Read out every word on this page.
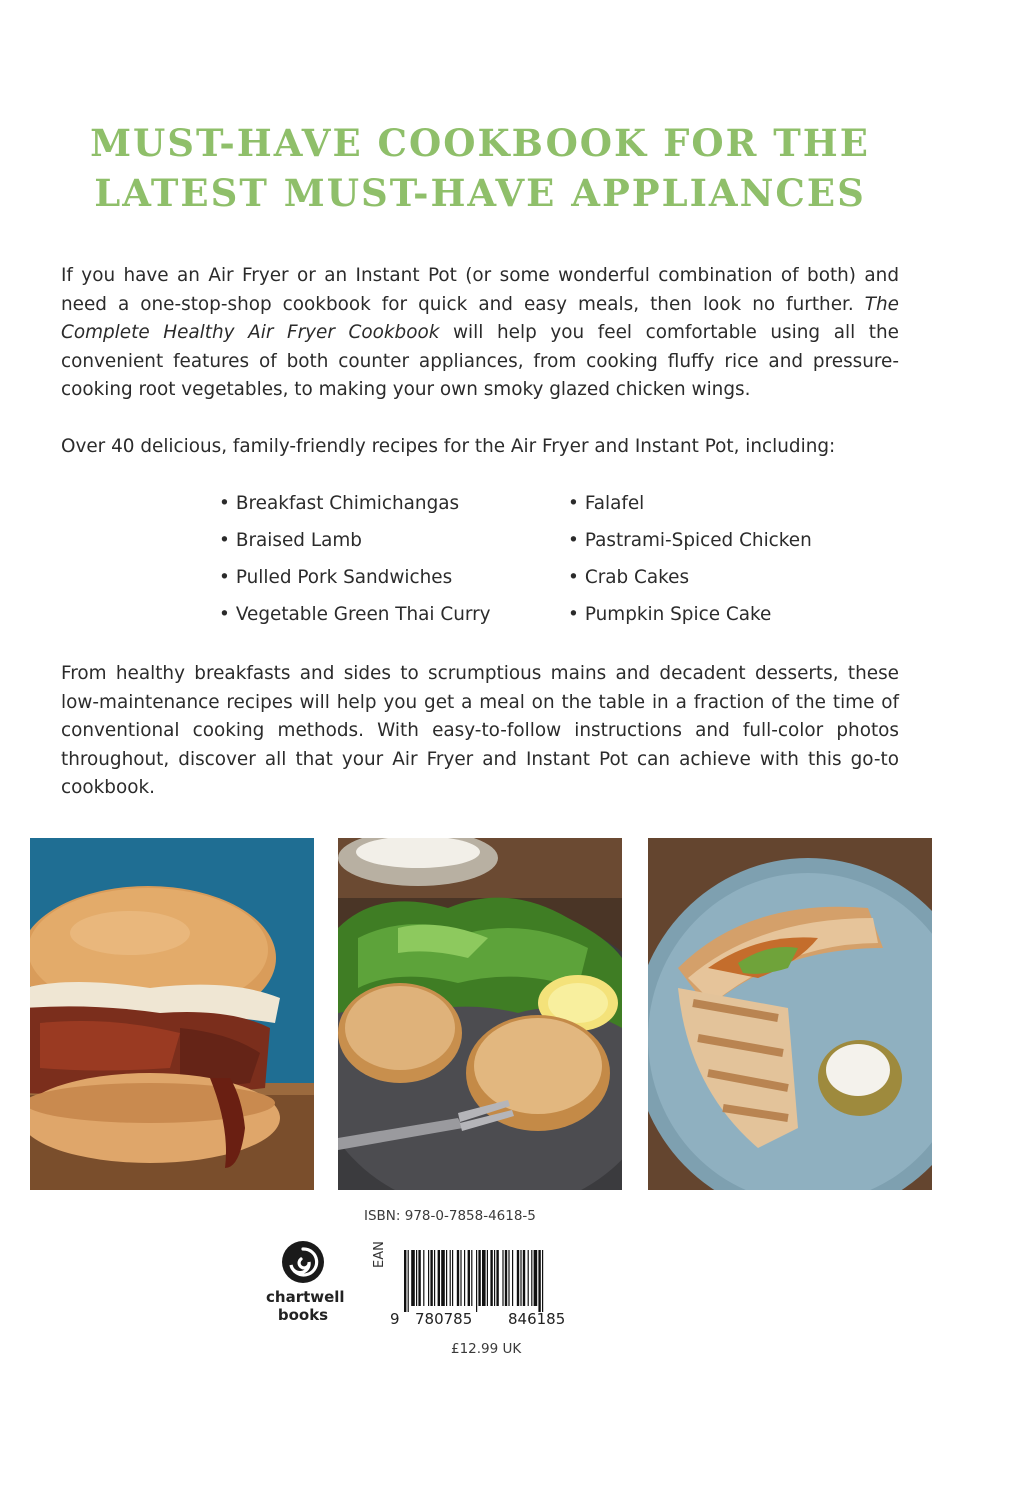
MUST-HAVE COOKBOOK FOR THE
LATEST MUST-HAVE APPLIANCES
If you have an Air Fryer or an Instant Pot (or some wonderful combination of both) and need a one-stop-shop cookbook for quick and easy meals, then look no further. The Complete Healthy Air Fryer Cookbook will help you feel comfortable using all the convenient features of both counter appliances, from cooking fluffy rice and pressure-cooking root vegetables, to making your own smoky glazed chicken wings.
Over 40 delicious, family-friendly recipes for the Air Fryer and Instant Pot, including:
• Breakfast Chimichangas
• Braised Lamb
• Pulled Pork Sandwiches
• Vegetable Green Thai Curry
• Falafel
• Pastrami-Spiced Chicken
• Crab Cakes
• Pumpkin Spice Cake
From healthy breakfasts and sides to scrumptious mains and decadent desserts, these low-maintenance recipes will help you get a meal on the table in a fraction of the time of conventional cooking methods. With easy-to-follow instructions and full-color photos throughout, discover all that your Air Fryer and Instant Pot can achieve with this go-to cookbook.
ISBN: 978-0-7858-4618-5
chartwell
books
EAN
9 780785 846185
£12.99 UK
